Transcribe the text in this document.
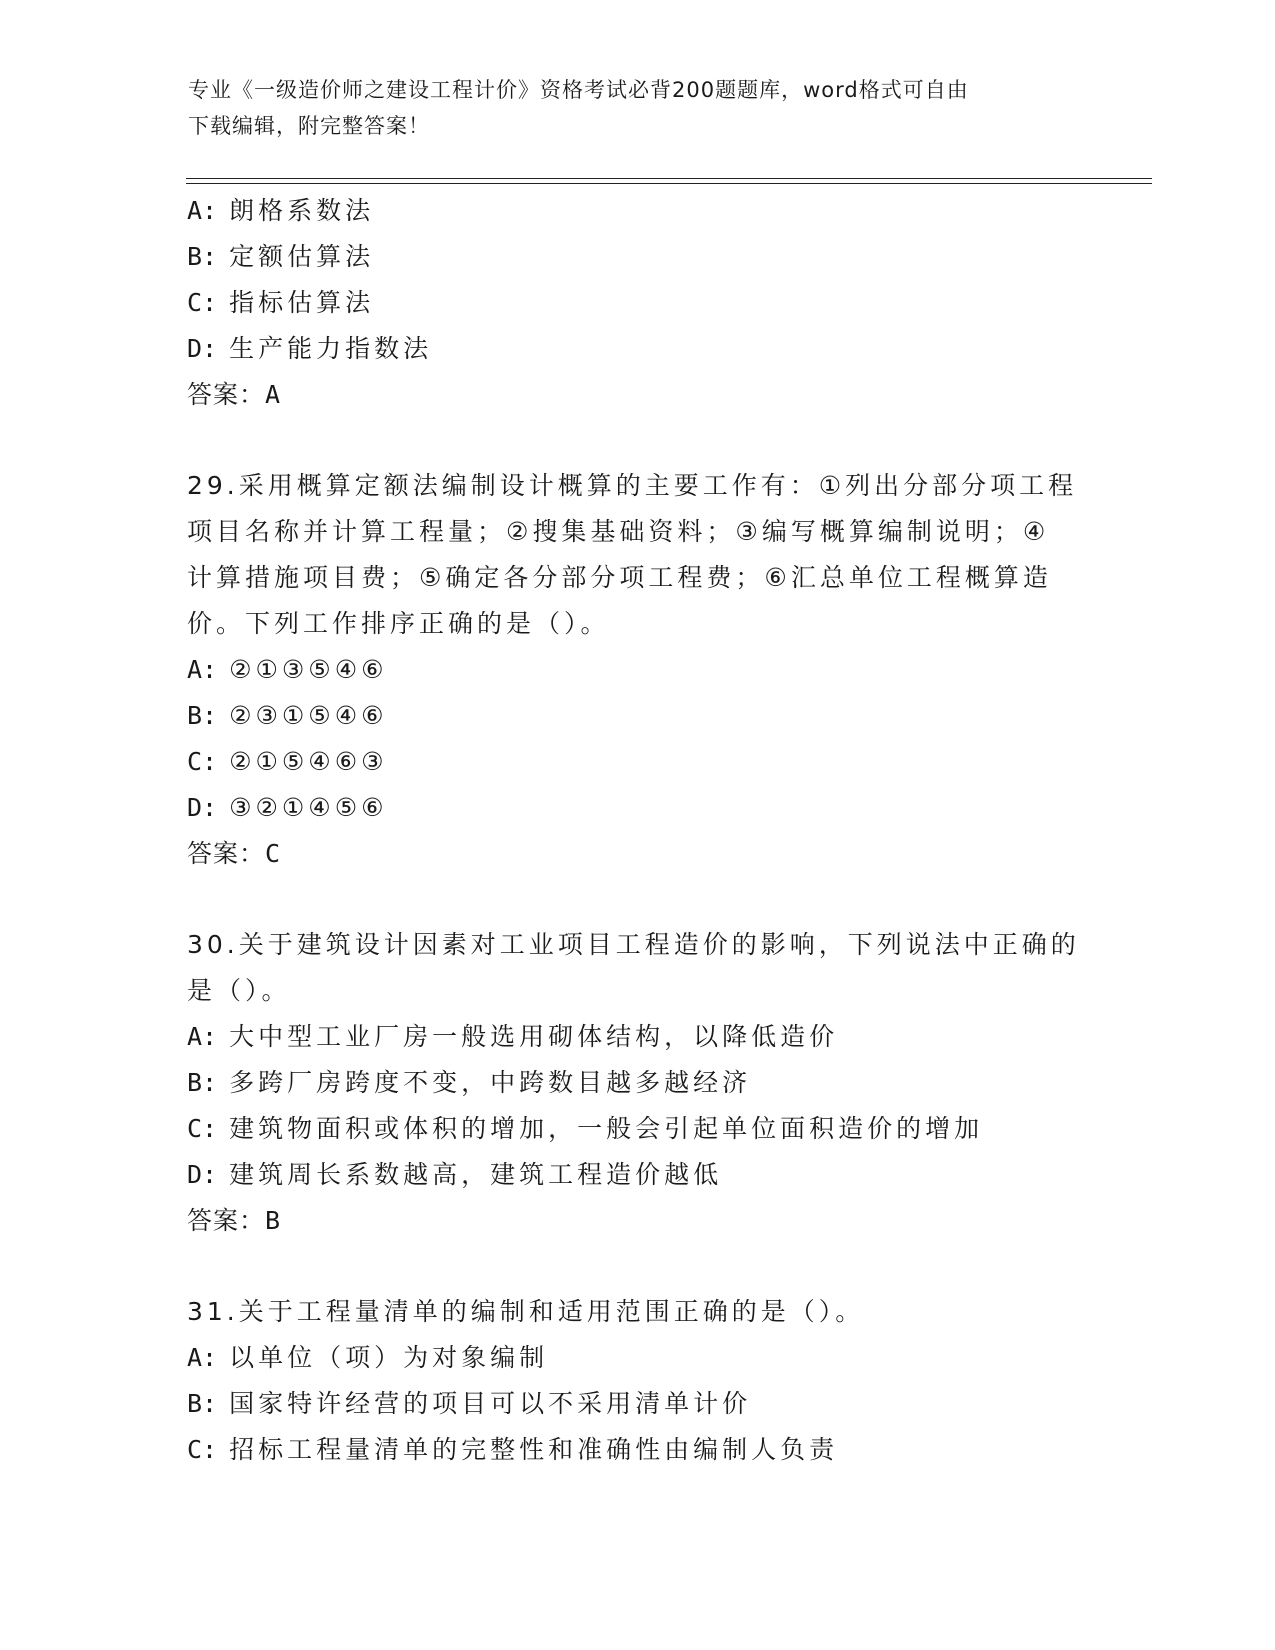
专业《一级造价师之建设工程计价》资格考试必背200题题库，word格式可自由
下载编辑，附完整答案！
A: 朗格系数法
B: 定额估算法
C: 指标估算法
D: 生产能力指数法
答案：A
29.采用概算定额法编制设计概算的主要工作有：①列出分部分项工程
项目名称并计算工程量；②搜集基础资料；③编写概算编制说明；④
计算措施项目费；⑤确定各分部分项工程费；⑥汇总单位工程概算造
价。下列工作排序正确的是（）。
A: ②①③⑤④⑥
B: ②③①⑤④⑥
C: ②①⑤④⑥③
D: ③②①④⑤⑥
答案：C
30.关于建筑设计因素对工业项目工程造价的影响，下列说法中正确的
是（）。
A: 大中型工业厂房一般选用砌体结构，以降低造价
B: 多跨厂房跨度不变，中跨数目越多越经济
C: 建筑物面积或体积的增加，一般会引起单位面积造价的增加
D: 建筑周长系数越高，建筑工程造价越低
答案：B
31.关于工程量清单的编制和适用范围正确的是（）。
A: 以单位（项）为对象编制
B: 国家特许经营的项目可以不采用清单计价
C: 招标工程量清单的完整性和准确性由编制人负责
